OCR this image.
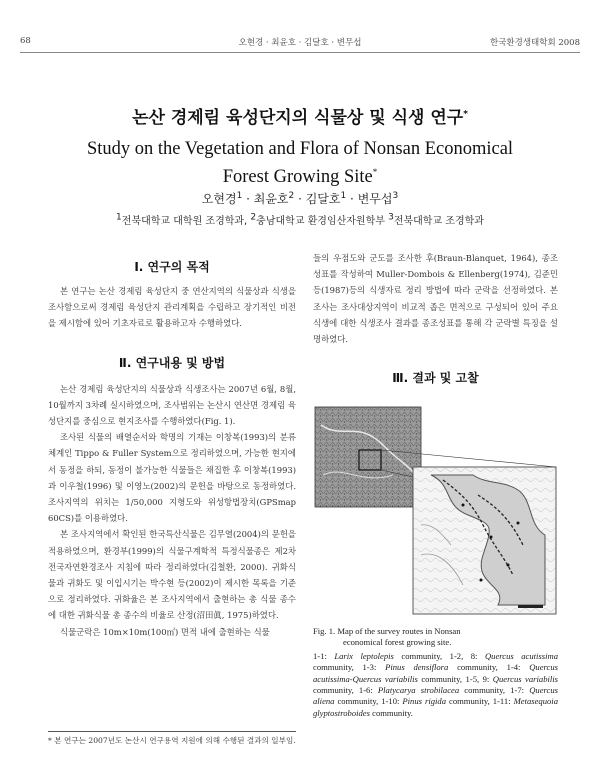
68	오현경 · 최윤호 · 김달호 · 변무섭	한국환경생태학회 2008
논산 경제림 육성단지의 식물상 및 식생 연구*
Study on the Vegetation and Flora of Nonsan Economical
Forest Growing Site*
오현경$^1$ · 최윤호$^2$ · 김달호$^1$ · 변무섭$^3$
1전북대학교 대학원 조경학과, 2충남대학교 환경임산자원학부 3전북대학교 조경학과
Ⅰ. 연구의 목적

본 연구는 논산 경제림 육성단지 중 연산지역의 식물상과 식생을 조사함으로써 경제림 육성단지 관리계획을 수립하고 장기적인 비전을 제시함에 있어 기초자료로 활용하고자 수행하였다.

Ⅱ. 연구내용 및 방법

논산 경제림 육성단지의 식물상과 식생조사는 2007년 6월, 8월, 10월까지 3차례 실시하였으며, 조사범위는 논산시 연산면 경제림 육성단지를 중심으로 현지조사를 수행하였다(Fig. 1).

조사된 식물의 배열순서와 학명의 기재는 이창복(1993)의 분류체계인 Tippo & Fuller System으로 정리하였으며, 가능한 현지에서 동정을 하되, 동정이 불가능한 식물들은 채집한 후 이창복(1993)과 이우철(1996) 및 이영노(2002)의 문헌을 바탕으로 동정하였다. 조사지역의 위치는 1/50,000 지형도와 위성항법장치(GPSmap 60CS)를 이용하였다.

본 조사지역에서 확인된 한국특산식물은 김무열(2004)의 문헌을 적용하였으며, 환경부(1999)의 식물구계학적 특정식물종은 제2차 전국자연환경조사 지침에 따라 정리하였다(김철환, 2000). 귀화식물과 귀화도 및 이입시기는 박수현 등(2002)이 제시한 목록을 기준으로 정리하였다. 귀화율은 본 조사지역에서 출현하는 총 식물 종수에 대한 귀화식물 총 종수의 비율로 산정(沼田眞, 1975)하였다.

식물군락은 10m×10m(100㎡) 면적 내에 출현하는 식물

들의 우점도와 군도를 조사한 후(Braun-Blanquet, 1964), 종조성표를 작성하여 Muller-Dombois & Ellenberg(1974), 김준민 등(1987)등의 식생자료 정리 방법에 따라 군락을 선정하였다. 본 조사는 조사대상지역이 비교적 좁은 면적으로 구성되어 있어 주요 식생에 대한 식생조사 결과를 종조성표를 통해 각 군락별 특징을 설명하였다.

Ⅲ. 결과 및 고찰
Fig. 1. Map of the survey routes in Nonsan
economical forest growing site.
1-1: Larix leptolepis community, 1-2, 8: Quercus acutissima community, 1-3: Pinus densiflora community, 1-4: Quercus acutissima-Quercus variabilis community, 1-5, 9: Quercus variabilis community, 1-6: Platycarya strobilacea community, 1-7: Quercus aliena community, 1-10: Pinus rigida community, 1-11: Metasequoia glyptostroboides community.
* 본 연구는 2007년도 논산시 연구용역 지원에 의해 수행된 결과의 일부임.
